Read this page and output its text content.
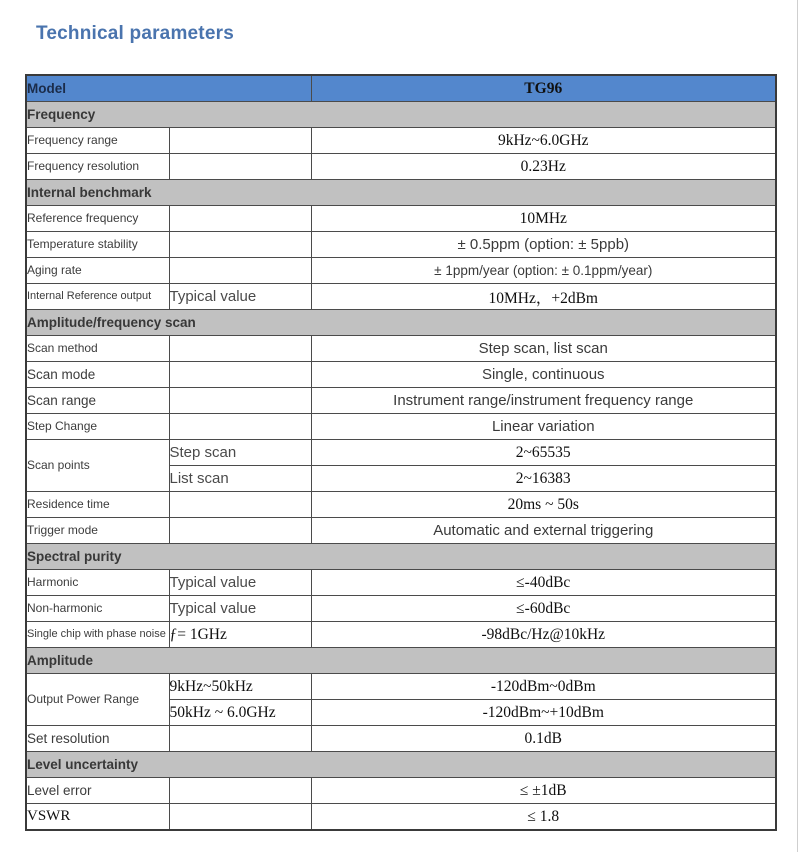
Technical parameters
Model		TG96
Frequency		
Frequency range		9kHz~6.0GHz
Frequency resolution		0.23Hz
Internal benchmark		
Reference frequency		10MHz
Temperature stability		± 0.5ppm (option: ± 5ppb)
Aging rate		± 1ppm/year (option: ± 0.1ppm/year)
Internal Reference output	Typical value	10MHz，+2dBm
Amplitude/frequency scan		
Scan method		Step scan, list scan
Scan mode		Single, continuous
Scan range		Instrument range/instrument frequency range
Step Change		Linear variation
Scan points	Step scan	2~65535
	List scan	2~16383
Residence time		20ms ~ 50s
Trigger mode		Automatic and external triggering
Spectral purity		
Harmonic	Typical value	≤-40dBc
Non-harmonic	Typical value	≤-60dBc
Single chip with phase noise	ƒ= 1GHz	-98dBc/Hz@10kHz
Amplitude		
Output Power Range	9kHz~50kHz	-120dBm~0dBm
	50kHz ~ 6.0GHz	-120dBm~+10dBm
Set resolution		0.1dB
Level uncertainty		
Level error		≤ ±1dB
VSWR		≤ 1.8
